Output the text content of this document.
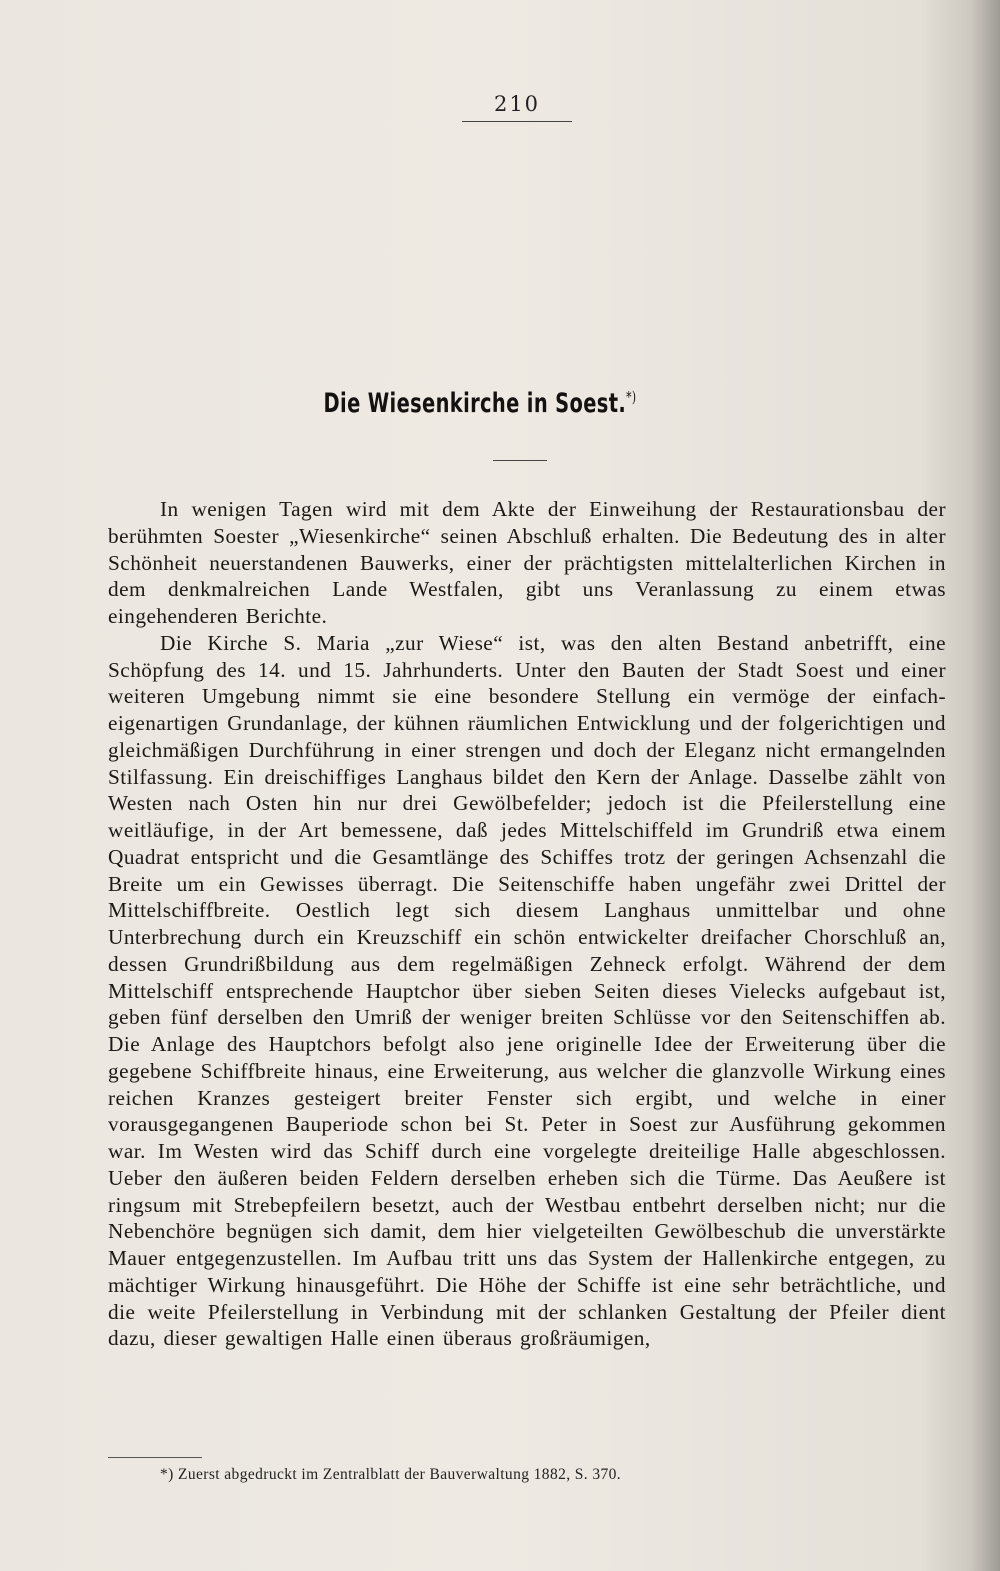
210
Die Wiesenkirche in Soest.*)

In wenigen Tagen wird mit dem Akte der Einweihung der Restaurationsbau der berühmten Soester „Wiesenkirche“ seinen Abschluß erhalten. Die Bedeutung des in alter Schönheit neuerstandenen Bauwerks, einer der prächtigsten mittelalterlichen Kirchen in dem denkmalreichen Lande Westfalen, gibt uns Veranlassung zu einem etwas eingehenderen Berichte.

Die Kirche S. Maria „zur Wiese“ ist, was den alten Bestand anbetrifft, eine Schöpfung des 14. und 15. Jahrhunderts. Unter den Bauten der Stadt Soest und einer weiteren Umgebung nimmt sie eine besondere Stellung ein vermöge der einfach-eigenartigen Grundanlage, der kühnen räumlichen Entwicklung und der folgerichtigen und gleichmäßigen Durchführung in einer strengen und doch der Eleganz nicht ermangelnden Stilfassung. Ein dreischiffiges Langhaus bildet den Kern der Anlage. Dasselbe zählt von Westen nach Osten hin nur drei Gewölbefelder; jedoch ist die Pfeilerstellung eine weitläufige, in der Art bemessene, daß jedes Mittelschiffeld im Grundriß etwa einem Quadrat entspricht und die Gesamtlänge des Schiffes trotz der geringen Achsenzahl die Breite um ein Gewisses überragt. Die Seitenschiffe haben ungefähr zwei Drittel der Mittelschiffbreite. Oestlich legt sich diesem Langhaus unmittelbar und ohne Unterbrechung durch ein Kreuzschiff ein schön entwickelter dreifacher Chorschluß an, dessen Grundrißbildung aus dem regelmäßigen Zehneck erfolgt. Während der dem Mittelschiff entsprechende Hauptchor über sieben Seiten dieses Vielecks aufgebaut ist, geben fünf derselben den Umriß der weniger breiten Schlüsse vor den Seitenschiffen ab. Die Anlage des Hauptchors befolgt also jene originelle Idee der Erweiterung über die gegebene Schiffbreite hinaus, eine Erweiterung, aus welcher die glanzvolle Wirkung eines reichen Kranzes gesteigert breiter Fenster sich ergibt, und welche in einer vorausgegangenen Bauperiode schon bei St. Peter in Soest zur Ausführung gekommen war. Im Westen wird das Schiff durch eine vorgelegte dreiteilige Halle abgeschlossen. Ueber den äußeren beiden Feldern derselben erheben sich die Türme. Das Aeußere ist ringsum mit Strebepfeilern besetzt, auch der Westbau entbehrt derselben nicht; nur die Nebenchöre begnügen sich damit, dem hier vielgeteilten Gewölbeschub die unverstärkte Mauer entgegenzustellen. Im Aufbau tritt uns das System der Hallenkirche entgegen, zu mächtiger Wirkung hinausgeführt. Die Höhe der Schiffe ist eine sehr beträchtliche, und die weite Pfeilerstellung in Verbindung mit der schlanken Gestaltung der Pfeiler dient dazu, dieser gewaltigen Halle einen überaus großräumigen,

*) Zuerst abgedruckt im Zentralblatt der Bauverwaltung 1882, S. 370.
